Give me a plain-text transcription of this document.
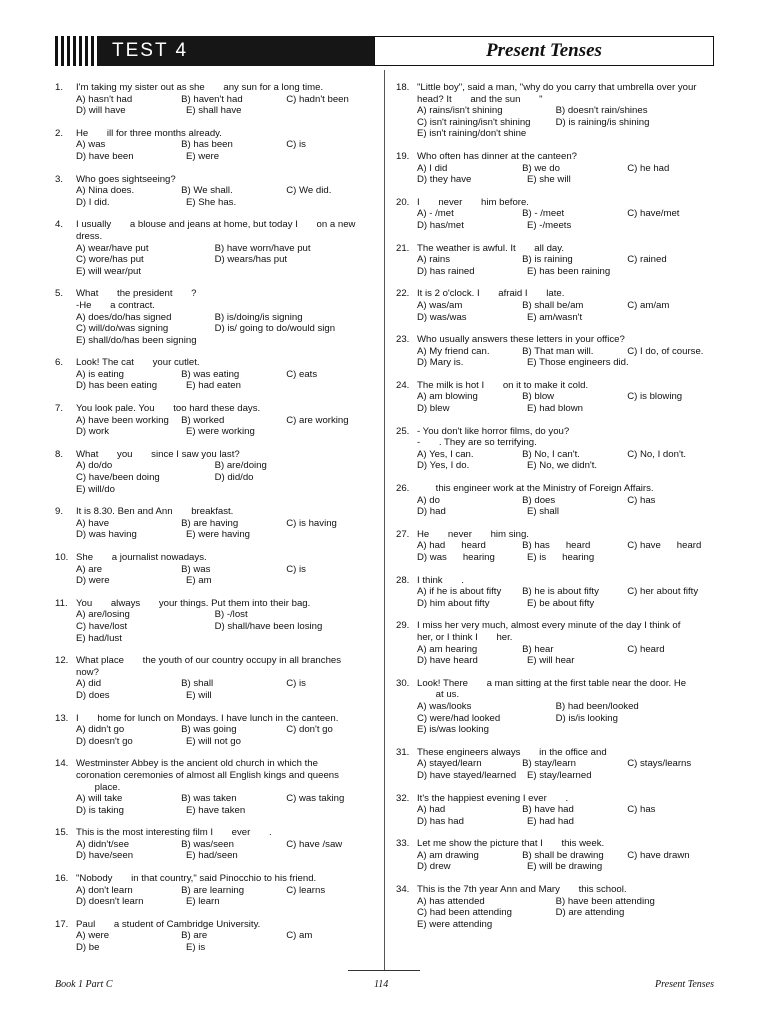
TEST 4	Present Tenses
1. I'm taking my sister out as she       any sun for a long time.
A) hasn't had	B) haven't had	C) hadn't been
D) will have	E) shall have
2. He       ill for three months already.
A) was	B) has been	C) is
D) have been	E) were
3. Who goes sightseeing?
A) Nina does.	B) We shall.	C) We did.
D) I did.	E) She has.
4. I usually       a blouse and jeans at home, but today I       on a new
dress.
A) wear/have put	B) have worn/have put
C) wore/has put	D) wears/has put
E) will wear/put
5. What       the president       ?
-He       a contract.
A) does/do/has signed	B) is/doing/is signing
C) will/do/was signing	D) is/ going to do/would sign
E) shall/do/has been signing
6. Look! The cat       your cutlet.
A) is eating	B) was eating	C) eats
D) has been eating	E) had eaten
7. You look pale. You       too hard these days.
A) have been working	B) worked	C) are working
D) work	E) were working
8. What       you       since I saw you last?
A) do/do	B) are/doing
C) have/been doing	D) did/do
E) will/do
9. It is 8.30. Ben and Ann       breakfast.
A) have	B) are having	C) is having
D) was having	E) were having
10. She       a journalist nowadays.
A) are	B) was	C) is
D) were	E) am
11. You       always       your things. Put them into their bag.
A) are/losing	B) -/lost
C) have/lost	D) shall/have been losing
E) had/lust
12. What place       the youth of our country occupy in all branches
now?
A) did	B) shall	C) is
D) does	E) will
13. I       home for lunch on Mondays. I have lunch in the canteen.
A) didn't go	B) was going	C) don't go
D) doesn't go	E) will not go
14. Westminster Abbey is the ancient old church in which the
coronation ceremonies of almost all English kings and queens
place.
A) will take	B) was taken	C) was taking
D) is taking	E) have taken
15. This is the most interesting film I       ever       .
A) didn't/see	B) was/seen	C) have /saw
D) have/seen	E) had/seen
16. "Nobody       in that country," said Pinocchio to his friend.
A) don't learn	B) are learning	C) learns
D) doesn't learn	E) learn
17. Paul       a student of Cambridge University.
A) were	B) are	C) am
D) be	E) is
18. "Little boy", said a man, "why do you carry that umbrella over your
head? It       and the sun       "
A) rains/isn't shining	B) doesn't rain/shines
C) isn't raining/isn't shining	D) is raining/is shining
E) isn't raining/don't shine
19. Who often has dinner at the canteen?
A) I did	B) we do	C) he had
D) they have	E) she will
20. I       never       him before.
A) - /met	B) - /meet	C) have/met
D) has/met	E) -/meets
21. The weather is awful. It       all day.
A) rains	B) is raining	C) rained
D) has rained	E) has been raining
22. It is 2 o'clock. I       afraid I       late.
A) was/am	B) shall be/am	C) am/am
D) was/was	E) am/wasn't
23. Who usually answers these letters in your office?
A) My friend can.	B) That man will.	C) I do, of course.
D) Mary is.	E) Those engineers did.
24. The milk is hot I       on it to make it cold.
A) am blowing	B) blow	C) is blowing
D) blew	E) had blown
25. - You don't like horror films, do you?
-       . They are so terrifying.
A) Yes, I can.	B) No, I can't.	C) No, I don't.
D) Yes, I do.	E) No, we didn't.
26. this engineer work at the Ministry of Foreign Affairs.
A) do	B) does	C) has
D) had	E) shall
27. He       never       him sing.
A) had      heard	B) has      heard	C) have      heard
D) was      hearing	E) is      hearing
28. I think       .
A) if he is about fifty	B) he is about fifty	C) her about fifty
D) him about fifty	E) be about fifty
29. I miss her very much, almost every minute of the day I think of
her, or I think I       her.
A) am hearing	B) hear	C) heard
D) have heard	E) will hear
30. Look! There       a man sitting at the first table near the door. He
at us.
A) was/looks	B) had been/looked
C) were/had looked	D) is/is looking
E) is/was looking
31. These engineers always       in the office and
A) stayed/learn	B) stay/learn	C) stays/learns
D) have stayed/learned	E) stay/learned
32. It's the happiest evening I ever       .
A) had	B) have had	C) has
D) has had	E) had had
33. Let me show the picture that I       this week.
A) am drawing	B) shall be drawing	C) have drawn
D) drew	E) will be drawing
34. This is the 7th year Ann and Mary       this school.
A) has attended	B) have been attending
C) had been attending	D) are attending
E) were attending
Book 1 Part C	114	Present Tenses
